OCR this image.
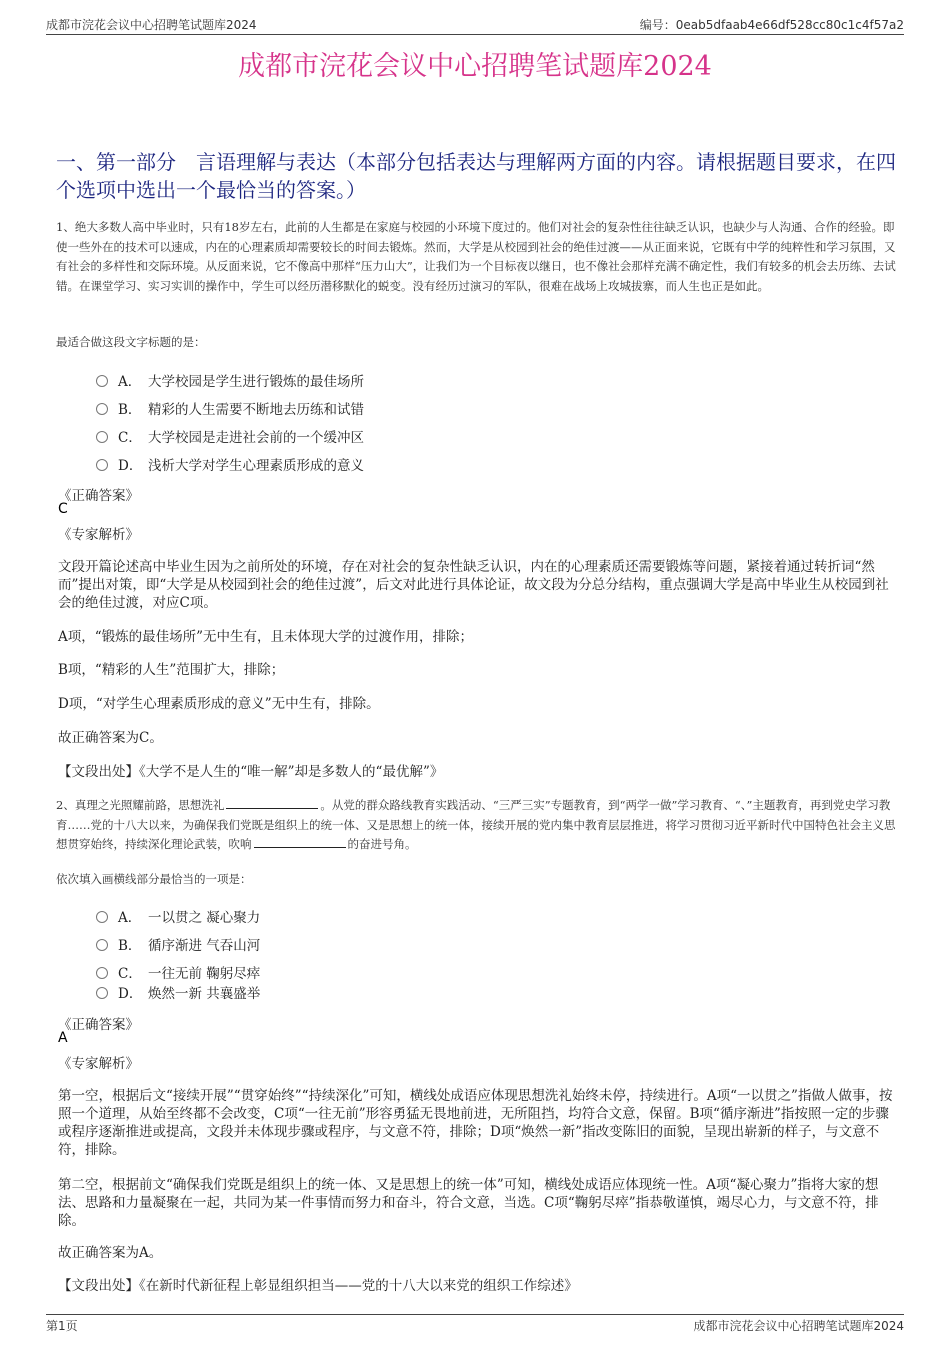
成都市浣花会议中心招聘笔试题库2024	编号：0eab5dfaab4e66df528cc80c1c4f57a2
成都市浣花会议中心招聘笔试题库2024
一、第一部分　言语理解与表达（本部分包括表达与理解两方面的内容。请根据题目要求，在四个选项中选出一个最恰当的答案。）
1、绝大多数人高中毕业时，只有18岁左右，此前的人生都是在家庭与校园的小环境下度过的。他们对社会的复杂性往往缺乏认识，也缺少与人沟通、合作的经验。即使一些外在的技术可以速成，内在的心理素质却需要较长的时间去锻炼。然而，大学是从校园到社会的绝佳过渡——从正面来说，它既有中学的纯粹性和学习氛围，又有社会的多样性和交际环境。从反面来说，它不像高中那样“压力山大”，让我们为一个目标夜以继日，也不像社会那样充满不确定性，我们有较多的机会去历练、去试错。在课堂学习、实习实训的操作中，学生可以经历潜移默化的蜕变。没有经历过演习的军队，很难在战场上攻城拔寨，而人生也正是如此。
最适合做这段文字标题的是：
A． 大学校园是学生进行锻炼的最佳场所
B． 精彩的人生需要不断地去历练和试错
C． 大学校园是走进社会前的一个缓冲区
D． 浅析大学对学生心理素质形成的意义
《正确答案》
C
《专家解析》
文段开篇论述高中毕业生因为之前所处的环境，存在对社会的复杂性缺乏认识，内在的心理素质还需要锻炼等问题，紧接着通过转折词“然而”提出对策，即“大学是从校园到社会的绝佳过渡”，后文对此进行具体论证，故文段为分总分结构，重点强调大学是高中毕业生从校园到社会的绝佳过渡，对应C项。
A项，“锻炼的最佳场所”无中生有，且未体现大学的过渡作用，排除；
B项，“精彩的人生”范围扩大，排除；
D项，“对学生心理素质形成的意义”无中生有，排除。
故正确答案为C。
【文段出处】《大学不是人生的“唯一解”却是多数人的“最优解”》
2、真理之光照耀前路，思想洗礼	。从党的群众路线教育实践活动、“三严三实”专题教育，到“两学一做”学习教育、“、”主题教育，再到党史学习教育……党的十八大以来，为确保我们党既是组织上的统一体、又是思想上的统一体，接续开展的党内集中教育层层推进，将学习贯彻习近平新时代中国特色社会主义思想贯穿始终，持续深化理论武装，吹响	的奋进号角。
依次填入画横线部分最恰当的一项是：
A． 一以贯之 凝心聚力
B． 循序渐进 气吞山河
C． 一往无前 鞠躬尽瘁
D． 焕然一新 共襄盛举
《正确答案》
A
《专家解析》
第一空，根据后文“接续开展”“贯穿始终”“持续深化”可知，横线处成语应体现思想洗礼始终未停，持续进行。A项“一以贯之”指做人做事，按照一个道理，从始至终都不会改变，C项“一往无前”形容勇猛无畏地前进，无所阻挡，均符合文意，保留。B项“循序渐进”指按照一定的步骤或程序逐渐推进或提高，文段并未体现步骤或程序，与文意不符，排除；D项“焕然一新”指改变陈旧的面貌，呈现出崭新的样子，与文意不符，排除。
第二空，根据前文“确保我们党既是组织上的统一体、又是思想上的统一体”可知，横线处成语应体现统一性。A项“凝心聚力”指将大家的想法、思路和力量凝聚在一起，共同为某一件事情而努力和奋斗，符合文意，当选。C项“鞠躬尽瘁”指恭敬谨慎，竭尽心力，与文意不符，排除。
故正确答案为A。
【文段出处】《在新时代新征程上彰显组织担当——党的十八大以来党的组织工作综述》
第1页	成都市浣花会议中心招聘笔试题库2024
